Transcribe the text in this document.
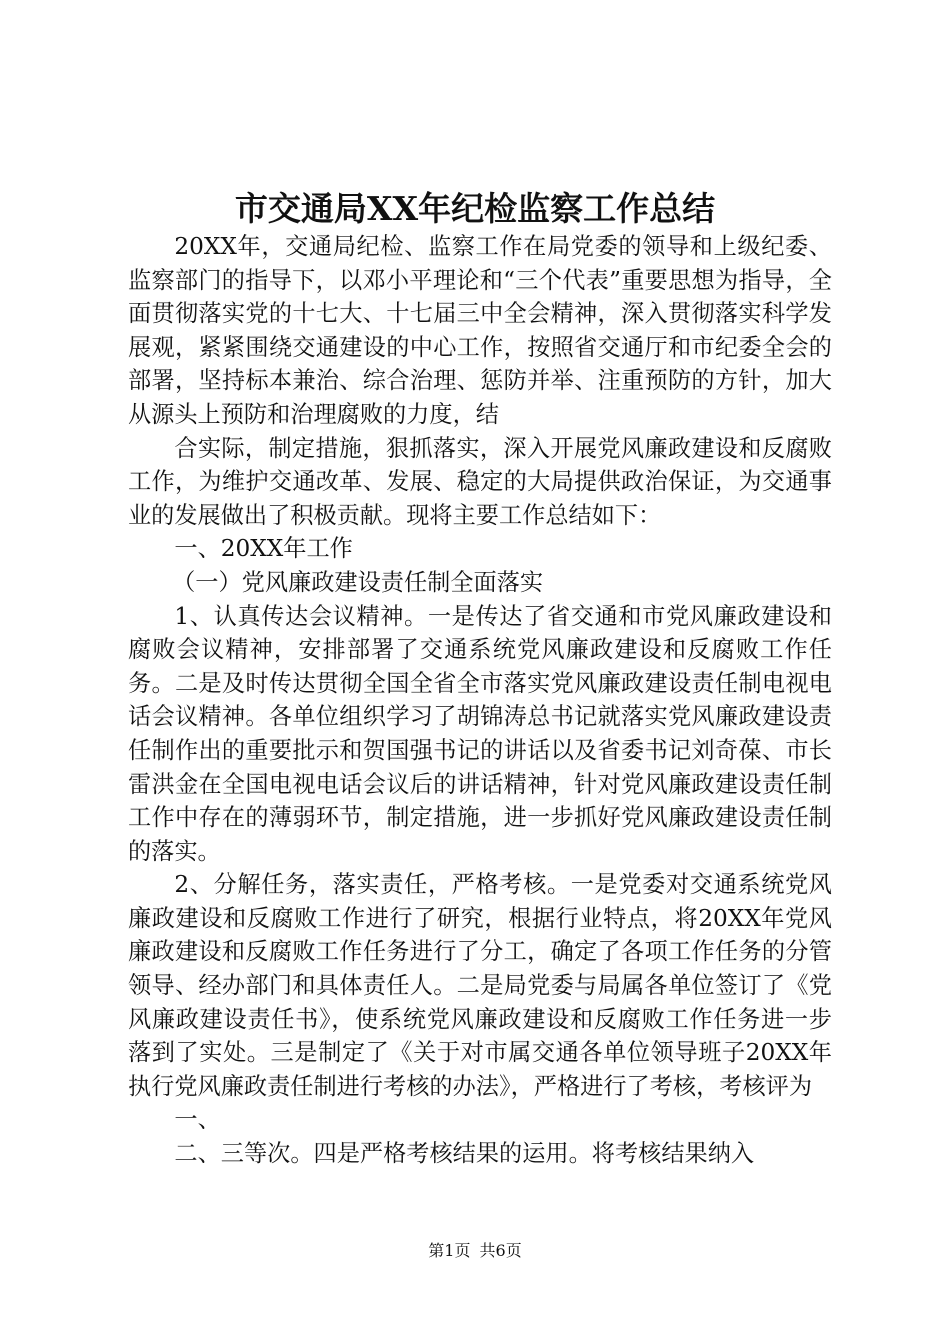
市交通局XX年纪检监察工作总结

20XX年，交通局纪检、监察工作在局党委的领导和上级纪委、监察部门的指导下，以邓小平理论和“三个代表”重要思想为指导，全面贯彻落实党的十七大、十七届三中全会精神，深入贯彻落实科学发展观，紧紧围绕交通建设的中心工作，按照省交通厅和市纪委全会的部署，坚持标本兼治、综合治理、惩防并举、注重预防的方针，加大从源头上预防和治理腐败的力度，结

合实际，制定措施，狠抓落实，深入开展党风廉政建设和反腐败工作，为维护交通改革、发展、稳定的大局提供政治保证，为交通事业的发展做出了积极贡献。现将主要工作总结如下：

一、20XX年工作

（一）党风廉政建设责任制全面落实

1、认真传达会议精神。一是传达了省交通和市党风廉政建设和腐败会议精神，安排部署了交通系统党风廉政建设和反腐败工作任务。二是及时传达贯彻全国全省全市落实党风廉政建设责任制电视电话会议精神。各单位组织学习了胡锦涛总书记就落实党风廉政建设责任制作出的重要批示和贺国强书记的讲话以及省委书记刘奇葆、市长雷洪金在全国电视电话会议后的讲话精神，针对党风廉政建设责任制工作中存在的薄弱环节，制定措施，进一步抓好党风廉政建设责任制的落实。

2、分解任务，落实责任，严格考核。一是党委对交通系统党风廉政建设和反腐败工作进行了研究，根据行业特点，将20XX年党风廉政建设和反腐败工作任务进行了分工，确定了各项工作任务的分管领导、经办部门和具体责任人。二是局党委与局属各单位签订了《党风廉政建设责任书》，使系统党风廉政建设和反腐败工作任务进一步落到了实处。三是制定了《关于对市属交通各单位领导班子20XX年执行党风廉政责任制进行考核的办法》，严格进行了考核，考核评为

一、

二、三等次。四是严格考核结果的运用。将考核结果纳入

第1页 共6页
